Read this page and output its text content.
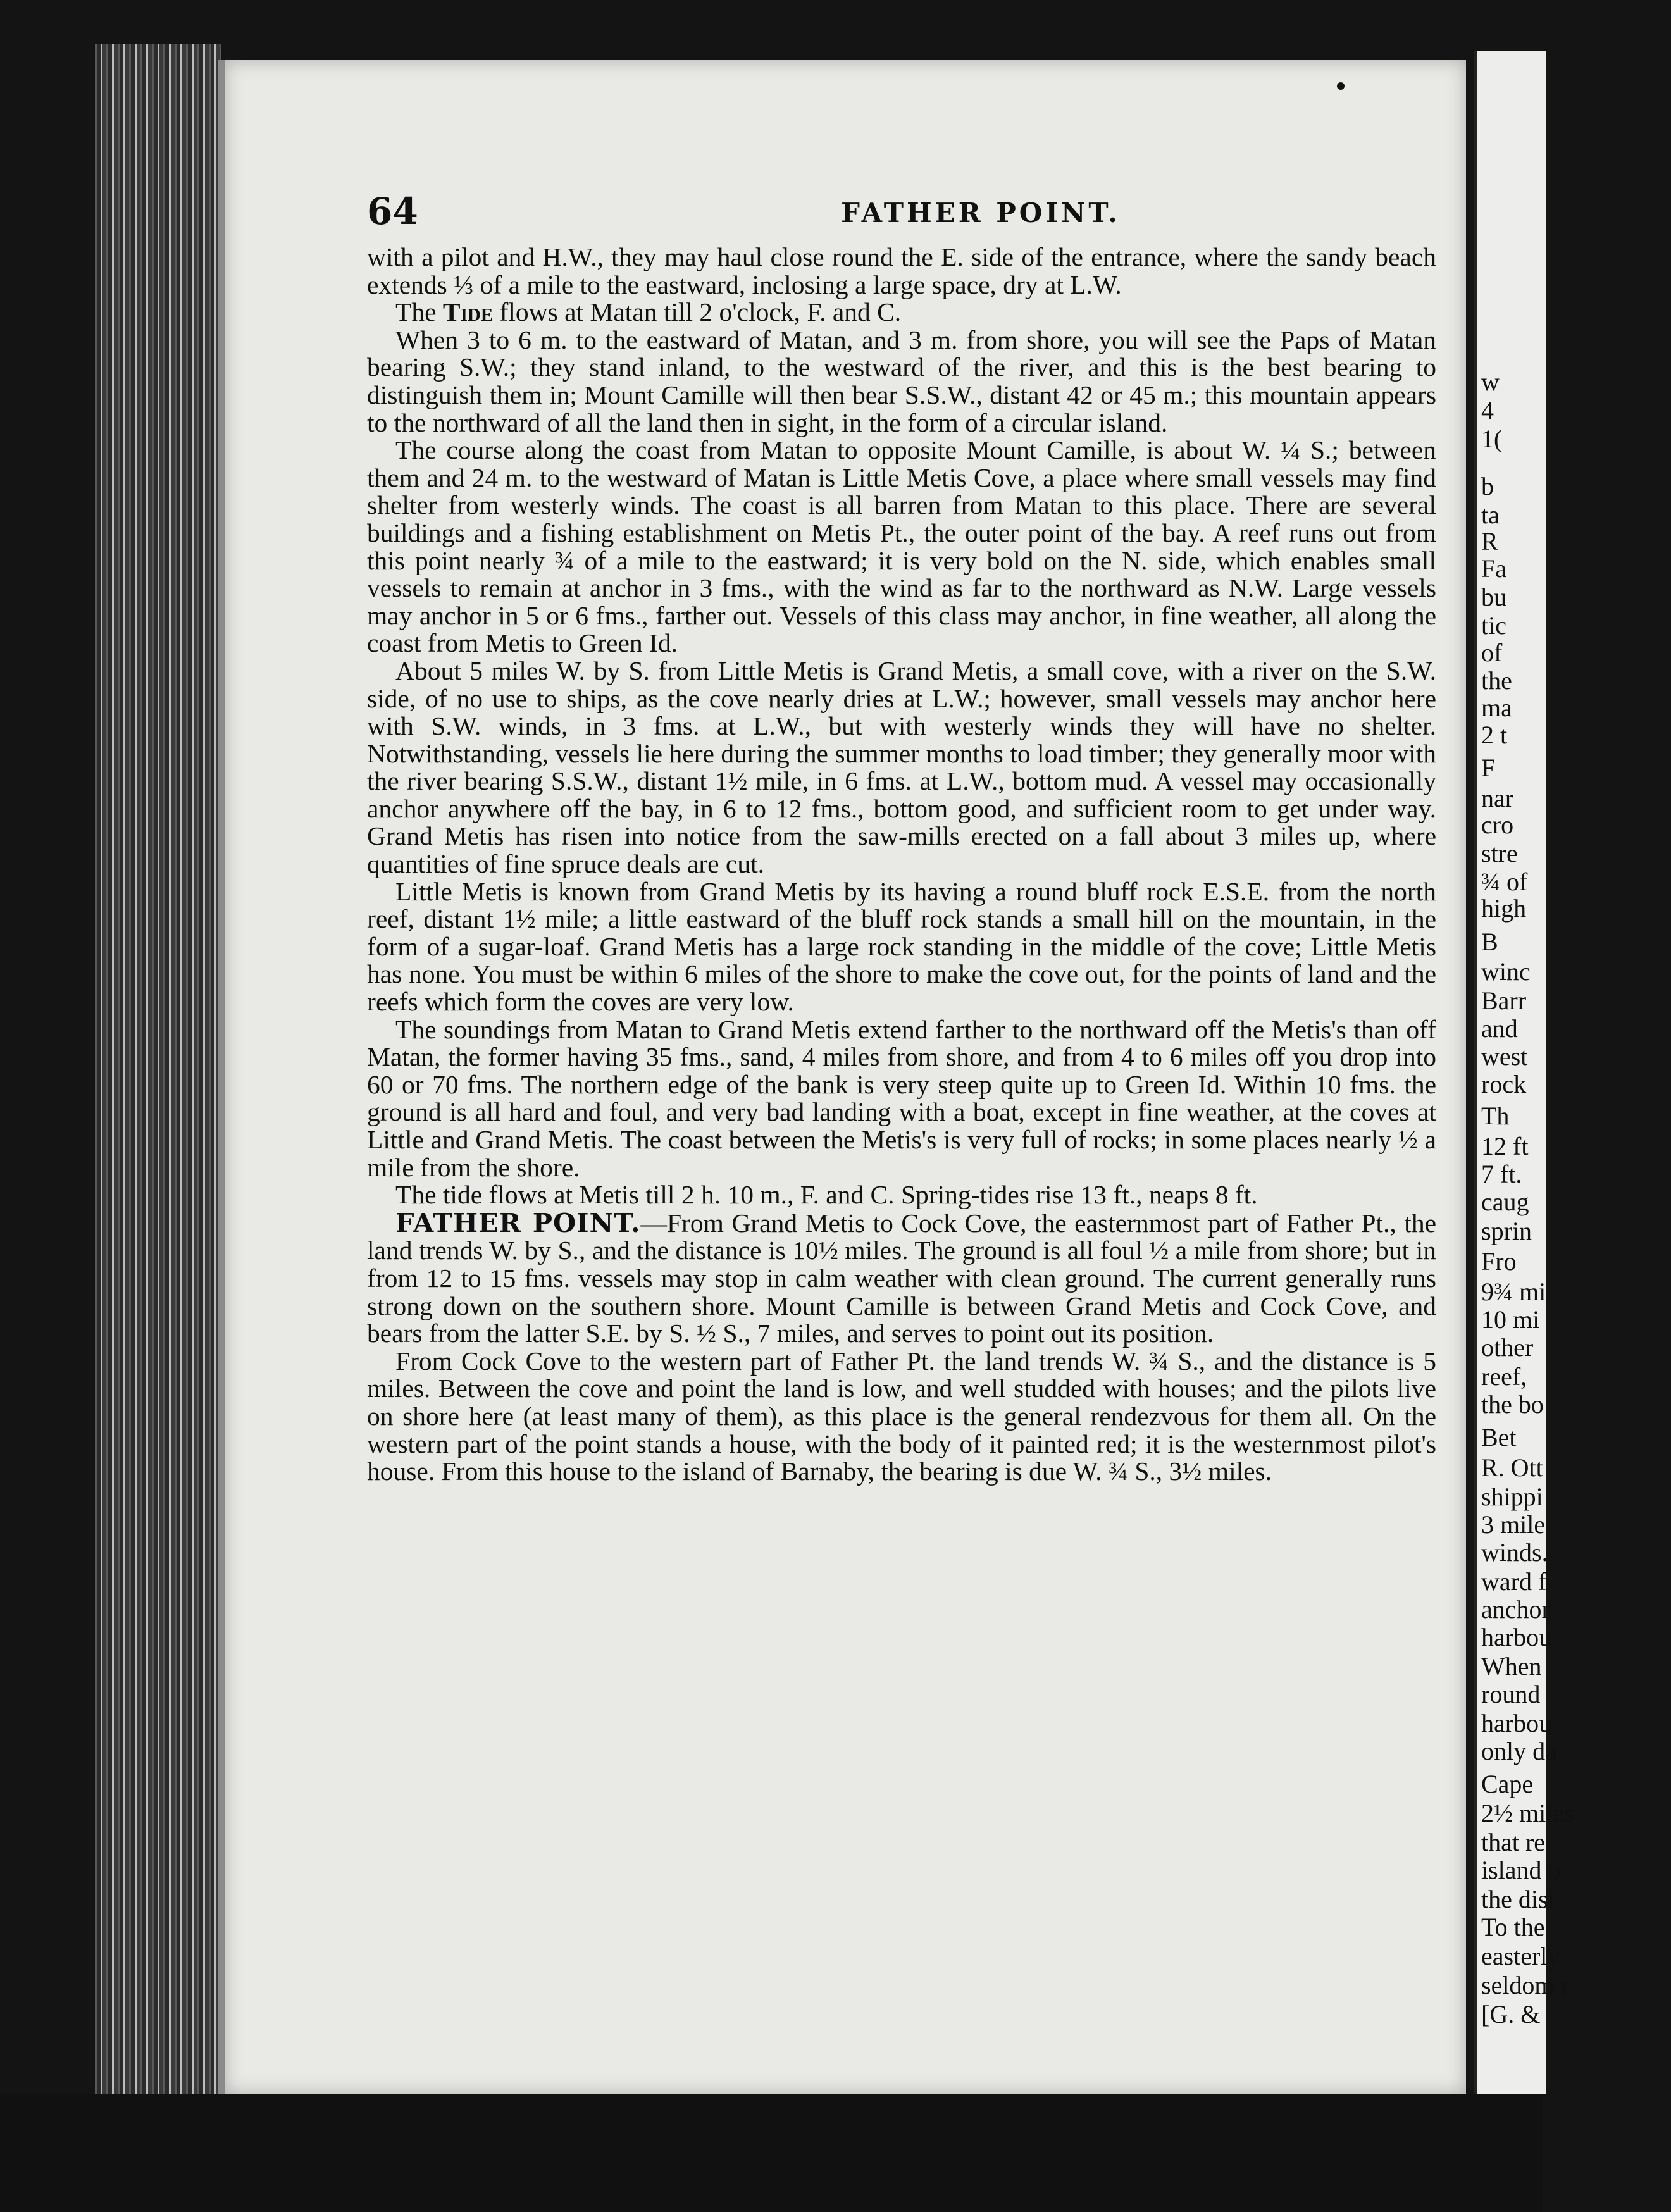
64	FATHER POINT.

with a pilot and H.W., they may haul close round the E. side of the entrance, where the sandy beach extends ⅓ of a mile to the eastward, inclosing a large space, dry at L.W.

The Tide flows at Matan till 2 o'clock, F. and C.

When 3 to 6 m. to the eastward of Matan, and 3 m. from shore, you will see the Paps of Matan bearing S.W.; they stand inland, to the westward of the river, and this is the best bearing to distinguish them in; Mount Camille will then bear S.S.W., distant 42 or 45 m.; this mountain appears to the northward of all the land then in sight, in the form of a circular island.

The course along the coast from Matan to opposite Mount Camille, is about W. ¼ S.; between them and 24 m. to the westward of Matan is Little Metis Cove, a place where small vessels may find shelter from westerly winds. The coast is all barren from Matan to this place. There are several buildings and a fishing establishment on Metis Pt., the outer point of the bay. A reef runs out from this point nearly ¾ of a mile to the eastward; it is very bold on the N. side, which enables small vessels to remain at anchor in 3 fms., with the wind as far to the northward as N.W. Large vessels may anchor in 5 or 6 fms., farther out. Vessels of this class may anchor, in fine weather, all along the coast from Metis to Green Id.

About 5 miles W. by S. from Little Metis is Grand Metis, a small cove, with a river on the S.W. side, of no use to ships, as the cove nearly dries at L.W.; however, small vessels may anchor here with S.W. winds, in 3 fms. at L.W., but with westerly winds they will have no shelter. Notwithstanding, vessels lie here during the summer months to load timber; they generally moor with the river bearing S.S.W., distant 1½ mile, in 6 fms. at L.W., bottom mud. A vessel may occasionally anchor anywhere off the bay, in 6 to 12 fms., bottom good, and sufficient room to get under way. Grand Metis has risen into notice from the saw-mills erected on a fall about 3 miles up, where quantities of fine spruce deals are cut.

Little Metis is known from Grand Metis by its having a round bluff rock E.S.E. from the north reef, distant 1½ mile; a little eastward of the bluff rock stands a small hill on the mountain, in the form of a sugar-loaf. Grand Metis has a large rock standing in the middle of the cove; Little Metis has none. You must be within 6 miles of the shore to make the cove out, for the points of land and the reefs which form the coves are very low.

The soundings from Matan to Grand Metis extend farther to the northward off the Metis's than off Matan, the former having 35 fms., sand, 4 miles from shore, and from 4 to 6 miles off you drop into 60 or 70 fms. The northern edge of the bank is very steep quite up to Green Id. Within 10 fms. the ground is all hard and foul, and very bad landing with a boat, except in fine weather, at the coves at Little and Grand Metis. The coast between the Metis's is very full of rocks; in some places nearly ½ a mile from the shore.

The tide flows at Metis till 2 h. 10 m., F. and C. Spring-tides rise 13 ft., neaps 8 ft.

FATHER POINT.—From Grand Metis to Cock Cove, the easternmost part of Father Pt., the land trends W. by S., and the distance is 10½ miles. The ground is all foul ½ a mile from shore; but in from 12 to 15 fms. vessels may stop in calm weather with clean ground. The current generally runs strong down on the southern shore. Mount Camille is between Grand Metis and Cock Cove, and bears from the latter S.E. by S. ½ S., 7 miles, and serves to point out its position.

From Cock Cove to the western part of Father Pt. the land trends W. ¾ S., and the distance is 5 miles. Between the cove and point the land is low, and well studded with houses; and the pilots live on shore here (at least many of them), as this place is the general rendezvous for them all. On the western part of the point stands a house, with the body of it painted red; it is the westernmost pilot's house. From this house to the island of Barnaby, the bearing is due W. ¾ S., 3½ miles.

w
4
1(
b
ta
R
Fa
bu
tic
of
the
ma
2 t
F
nar
cro
stre
¾ of
high
B
winc
Barr
and
west
rock
Th
12 ft
7 ft.
caug
sprin
Fro
9¾ mi
10 mi
other
reef,
the bo
Bet
R. Ott
shippi
3 mile
winds.
ward f
anchor
harbou
When
round
harbou
only da
Cape
2½ miles
that re
island o
the dist
To the
easterly
seldom r
[G. &
